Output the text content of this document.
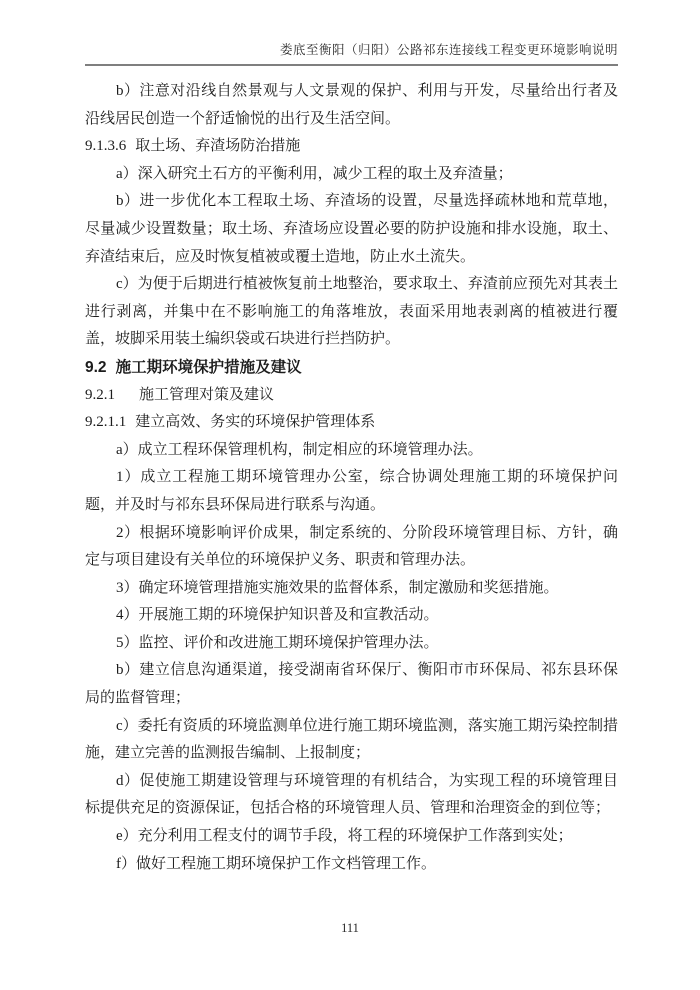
娄底至衡阳（归阳）公路祁东连接线工程变更环境影响说明
b）注意对沿线自然景观与人文景观的保护、利用与开发，尽量给出行者及沿线居民创造一个舒适愉悦的出行及生活空间。
9.1.3.6 取土场、弃渣场防治措施
a）深入研究土石方的平衡利用，减少工程的取土及弃渣量；
b）进一步优化本工程取土场、弃渣场的设置，尽量选择疏林地和荒草地，尽量减少设置数量；取土场、弃渣场应设置必要的防护设施和排水设施，取土、弃渣结束后，应及时恢复植被或覆土造地，防止水土流失。
c）为便于后期进行植被恢复前土地整治，要求取土、弃渣前应预先对其表土进行剥离，并集中在不影响施工的角落堆放，表面采用地表剥离的植被进行覆盖，坡脚采用装土编织袋或石块进行拦挡防护。
9.2 施工期环境保护措施及建议
9.2.1 施工管理对策及建议
9.2.1.1 建立高效、务实的环境保护管理体系
a）成立工程环保管理机构，制定相应的环境管理办法。
1）成立工程施工期环境管理办公室，综合协调处理施工期的环境保护问题，并及时与祁东县环保局进行联系与沟通。
2）根据环境影响评价成果，制定系统的、分阶段环境管理目标、方针，确定与项目建设有关单位的环境保护义务、职责和管理办法。
3）确定环境管理措施实施效果的监督体系，制定激励和奖惩措施。
4）开展施工期的环境保护知识普及和宣教活动。
5）监控、评价和改进施工期环境保护管理办法。
b）建立信息沟通渠道，接受湖南省环保厅、衡阳市市环保局、祁东县环保局的监督管理；
c）委托有资质的环境监测单位进行施工期环境监测，落实施工期污染控制措施，建立完善的监测报告编制、上报制度；
d）促使施工期建设管理与环境管理的有机结合，为实现工程的环境管理目标提供充足的资源保证，包括合格的环境管理人员、管理和治理资金的到位等；
e）充分利用工程支付的调节手段，将工程的环境保护工作落到实处；
f）做好工程施工期环境保护工作文档管理工作。
111
